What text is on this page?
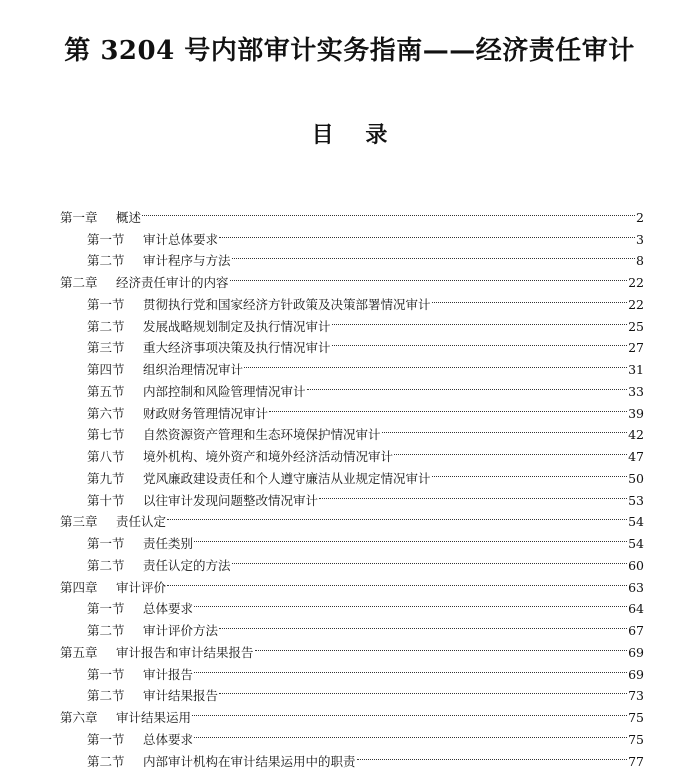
第 3204 号内部审计实务指南——经济责任审计
目 录
第一章	概述	2
第一节	审计总体要求	3
第二节	审计程序与方法	8
第二章	经济责任审计的内容	22
第一节	贯彻执行党和国家经济方针政策及决策部署情况审计	22
第二节	发展战略规划制定及执行情况审计	25
第三节	重大经济事项决策及执行情况审计	27
第四节	组织治理情况审计	31
第五节	内部控制和风险管理情况审计	33
第六节	财政财务管理情况审计	39
第七节	自然资源资产管理和生态环境保护情况审计	42
第八节	境外机构、境外资产和境外经济活动情况审计	47
第九节	党风廉政建设责任和个人遵守廉洁从业规定情况审计	50
第十节	以往审计发现问题整改情况审计	53
第三章	责任认定	54
第一节	责任类别	54
第二节	责任认定的方法	60
第四章	审计评价	63
第一节	总体要求	64
第二节	审计评价方法	67
第五章	审计报告和审计结果报告	69
第一节	审计报告	69
第二节	审计结果报告	73
第六章	审计结果运用	75
第一节	总体要求	75
第二节	内部审计机构在审计结果运用中的职责	77
